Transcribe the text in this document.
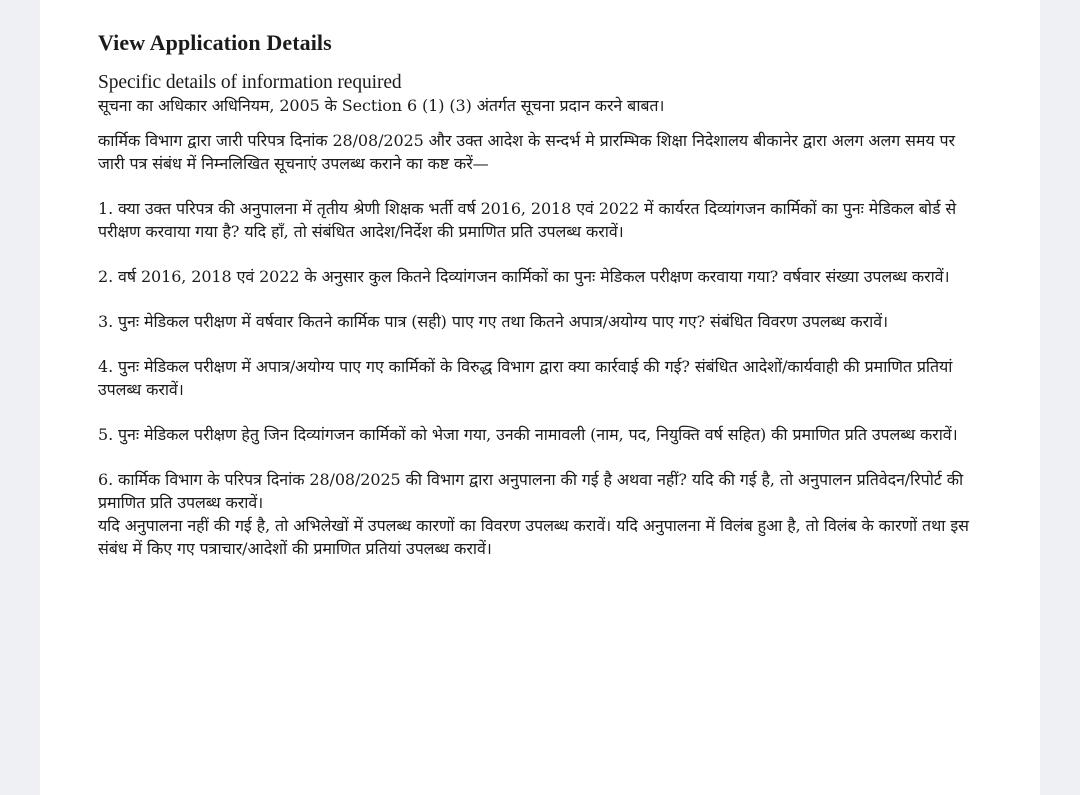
View Application Details

Specific details of information required

सूचना का अधिकार अधिनियम, 2005 के Section 6 (1) (3) अंतर्गत सूचना प्रदान करने बाबत।

कार्मिक विभाग द्वारा जारी परिपत्र दिनांक 28/08/2025 और उक्त आदेश के सन्दर्भ मे प्रारम्भिक शिक्षा निदेशालय बीकानेर द्वारा अलग अलग समय पर जारी पत्र संबंध में निम्नलिखित सूचनाएं उपलब्ध कराने का कष्ट करें—

1. क्या उक्त परिपत्र की अनुपालना में तृतीय श्रेणी शिक्षक भर्ती वर्ष 2016, 2018 एवं 2022 में कार्यरत दिव्यांगजन कार्मिकों का पुनः मेडिकल बोर्ड से परीक्षण करवाया गया है? यदि हाँ, तो संबंधित आदेश/निर्देश की प्रमाणित प्रति उपलब्ध करावें।

2. वर्ष 2016, 2018 एवं 2022 के अनुसार कुल कितने दिव्यांगजन कार्मिकों का पुनः मेडिकल परीक्षण करवाया गया? वर्षवार संख्या उपलब्ध करावें।

3. पुनः मेडिकल परीक्षण में वर्षवार कितने कार्मिक पात्र (सही) पाए गए तथा कितने अपात्र/अयोग्य पाए गए? संबंधित विवरण उपलब्ध करावें।

4. पुनः मेडिकल परीक्षण में अपात्र/अयोग्य पाए गए कार्मिकों के विरुद्ध विभाग द्वारा क्या कार्रवाई की गई? संबंधित आदेशों/कार्यवाही की प्रमाणित प्रतियां उपलब्ध करावें।

5. पुनः मेडिकल परीक्षण हेतु जिन दिव्यांगजन कार्मिकों को भेजा गया, उनकी नामावली (नाम, पद, नियुक्ति वर्ष सहित) की प्रमाणित प्रति उपलब्ध करावें।

6. कार्मिक विभाग के परिपत्र दिनांक 28/08/2025 की विभाग द्वारा अनुपालना की गई है अथवा नहीं? यदि की गई है, तो अनुपालन प्रतिवेदन/रिपोर्ट की प्रमाणित प्रति उपलब्ध करावें।

यदि अनुपालना नहीं की गई है, तो अभिलेखों में उपलब्ध कारणों का विवरण उपलब्ध करावें। यदि अनुपालना में विलंब हुआ है, तो विलंब के कारणों तथा इस संबंध में किए गए पत्राचार/आदेशों की प्रमाणित प्रतियां उपलब्ध करावें।
